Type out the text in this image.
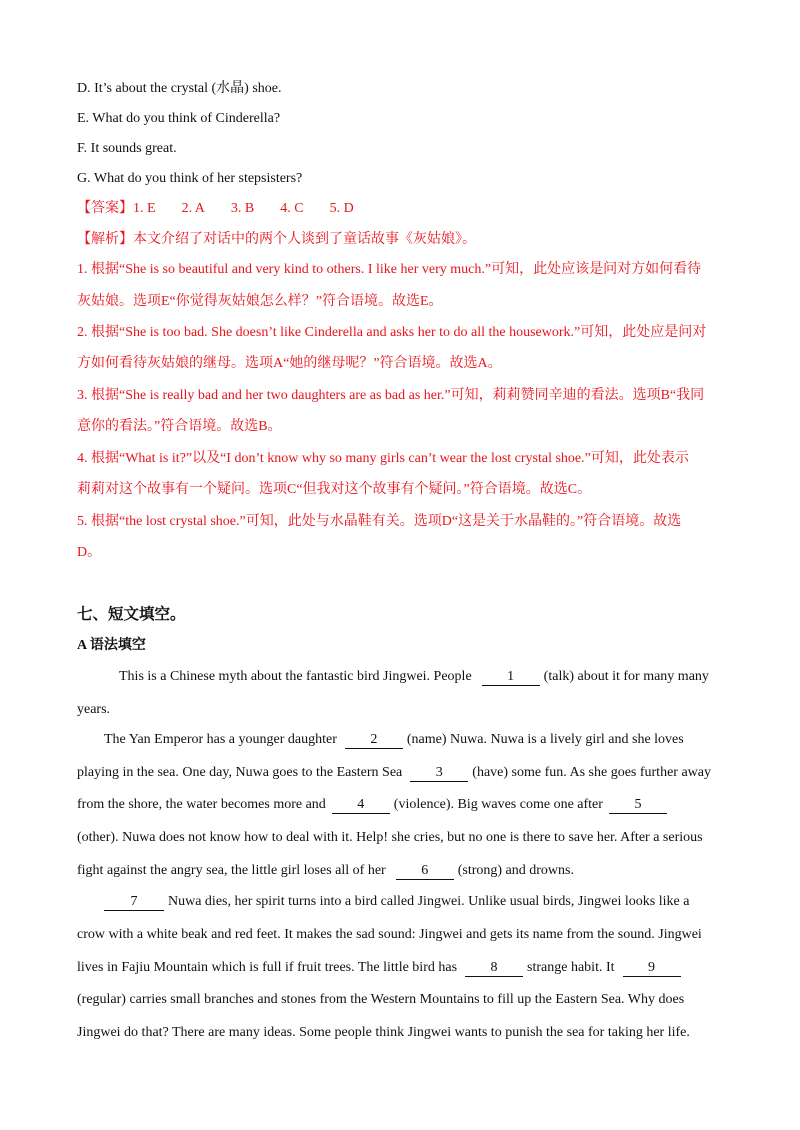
D. It’s about the crystal (水晶) shoe.
E. What do you think of Cinderella?
F. It sounds great.
G. What do you think of her stepsisters?
【答案】1. E 2. A 3. B 4. C 5. D
【解析】本文介绍了对话中的两个人谈到了童话故事《灰姑娘》。
1. 根据“She is so beautiful and very kind to others. I like her very much.”可知，此处应该是问对方如何看待
灰姑娘。选项E“你觉得灰姑娘怎么样？”符合语境。故选E。
2. 根据“She is too bad. She doesn’t like Cinderella and asks her to do all the housework.”可知，此处应是问对
方如何看待灰姑娘的继母。选项A“她的继母呢？”符合语境。故选A。
3. 根据“She is really bad and her two daughters are as bad as her.”可知，莉莉赞同辛迪的看法。选项B“我同
意你的看法。”符合语境。故选B。
4. 根据“What is it?”以及“I don’t know why so many girls can’t wear the lost crystal shoe.”可知，此处表示
莉莉对这个故事有一个疑问。选项C“但我对这个故事有个疑问。”符合语境。故选C。
5. 根据“the lost crystal shoe.”可知，此处与水晶鞋有关。选项D“这是关于水晶鞋的。”符合语境。故选
D。
七、短文填空。
A 语法填空
This is a Chinese myth about the fantastic bird Jingwei. People	1 (talk) about it for many many
years.
The Yan Emperor has a younger daughter 2 (name) Nuwa. Nuwa is a lively girl and she loves
playing in the sea. One day, Nuwa goes to the Eastern Sea 3 (have) some fun. As she goes further away
from the shore, the water becomes more and 4 (violence). Big waves come one after 5
(other). Nuwa does not know how to deal with it. Help! she cries, but no one is there to save her. After a serious
fight against the angry sea, the little girl loses all of her	6 (strong) and drowns.
7 Nuwa dies, her spirit turns into a bird called Jingwei. Unlike usual birds, Jingwei looks like a
crow with a white beak and red feet. It makes the sad sound: Jingwei and gets its name from the sound. Jingwei
lives in Fajiu Mountain which is full if fruit trees. The little bird has 8 strange habit. It 9
(regular) carries small branches and stones from the Western Mountains to fill up the Eastern Sea. Why does
Jingwei do that? There are many ideas. Some people think Jingwei wants to punish the sea for taking her life.
